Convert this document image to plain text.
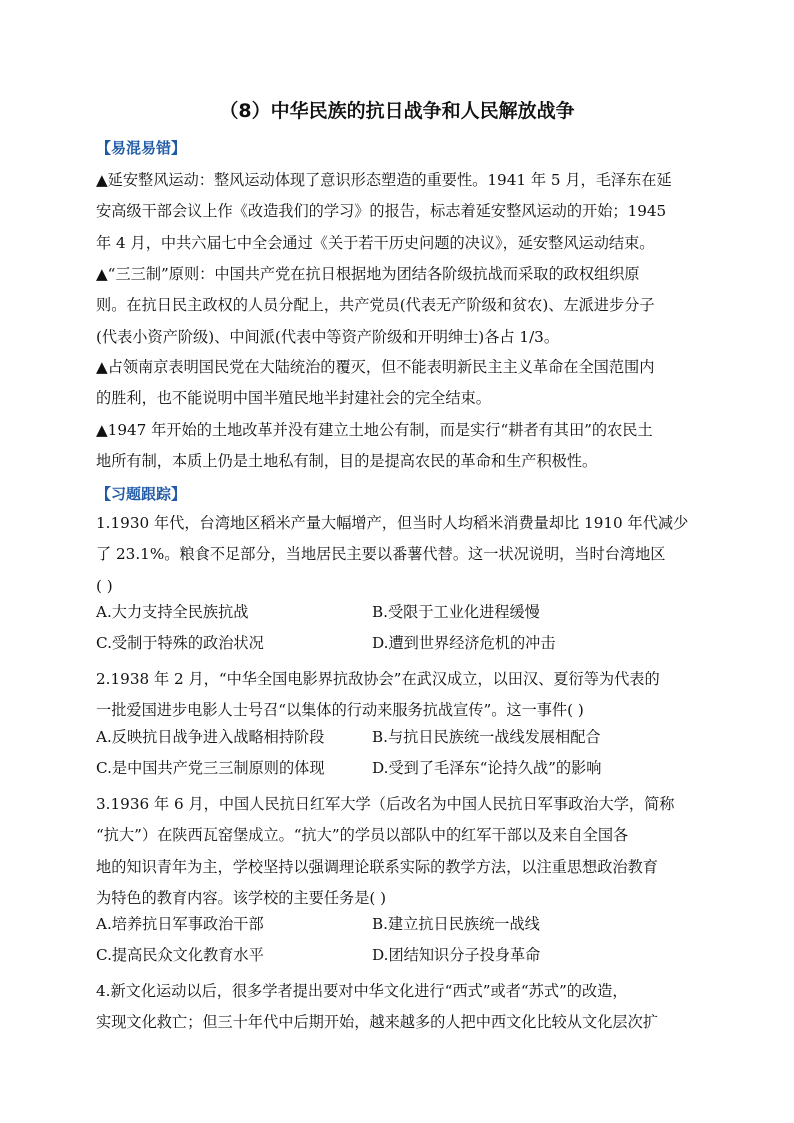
（8）中华民族的抗日战争和人民解放战争
【易混易错】
▲延安整风运动：整风运动体现了意识形态塑造的重要性。1941 年 5 月，毛泽东在延
安高级干部会议上作《改造我们的学习》的报告，标志着延安整风运动的开始；1945
年 4 月，中共六届七中全会通过《关于若干历史问题的决议》，延安整风运动结束。
▲“三三制”原则：中国共产党在抗日根据地为团结各阶级抗战而采取的政权组织原
则。在抗日民主政权的人员分配上，共产党员(代表无产阶级和贫农)、左派进步分子
(代表小资产阶级)、中间派(代表中等资产阶级和开明绅士)各占 1/3。
▲占领南京表明国民党在大陆统治的覆灭，但不能表明新民主主义革命在全国范围内
的胜利，也不能说明中国半殖民地半封建社会的完全结束。
▲1947 年开始的土地改革并没有建立土地公有制，而是实行“耕者有其田”的农民土
地所有制，本质上仍是土地私有制，目的是提高农民的革命和生产积极性。
【习题跟踪】
1.1930 年代，台湾地区稻米产量大幅增产，但当时人均稻米消费量却比 1910 年代减少
了 23.1%。粮食不足部分，当地居民主要以番薯代替。这一状况说明，当时台湾地区
( )
A.大力支持全民族抗战	B.受限于工业化进程缓慢
C.受制于特殊的政治状况	D.遭到世界经济危机的冲击
2.1938 年 2 月，“中华全国电影界抗敌协会”在武汉成立，以田汉、夏衍等为代表的
一批爱国进步电影人士号召“以集体的行动来服务抗战宣传”。这一事件( )
A.反映抗日战争进入战略相持阶段	B.与抗日民族统一战线发展相配合
C.是中国共产党三三制原则的体现	D.受到了毛泽东“论持久战”的影响
3.1936 年 6 月，中国人民抗日红军大学（后改名为中国人民抗日军事政治大学，简称
“抗大”）在陕西瓦窑堡成立。“抗大”的学员以部队中的红军干部以及来自全国各
地的知识青年为主，学校坚持以强调理论联系实际的教学方法，以注重思想政治教育
为特色的教育内容。该学校的主要任务是( )
A.培养抗日军事政治干部	B.建立抗日民族统一战线
C.提高民众文化教育水平	D.团结知识分子投身革命
4.新文化运动以后，很多学者提出要对中华文化进行“西式”或者“苏式”的改造，
实现文化救亡；但三十年代中后期开始，越来越多的人把中西文化比较从文化层次扩
